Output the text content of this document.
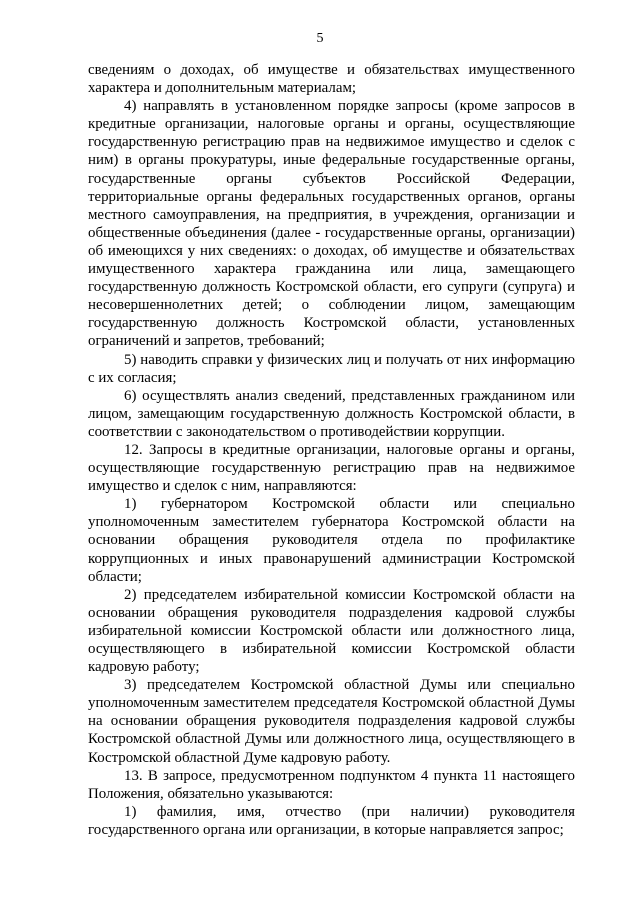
5

сведениям о доходах, об имуществе и обязательствах имущественного характера и дополнительным материалам;

4) направлять в установленном порядке запросы (кроме запросов в кредитные организации, налоговые органы и органы, осуществляющие государственную регистрацию прав на недвижимое имущество и сделок с ним) в органы прокуратуры, иные федеральные государственные органы, государственные органы субъектов Российской Федерации, территориальные органы федеральных государственных органов, органы местного самоуправления, на предприятия, в учреждения, организации и общественные объединения (далее - государственные органы, организации) об имеющихся у них сведениях: о доходах, об имуществе и обязательствах имущественного характера гражданина или лица, замещающего государственную должность Костромской области, его супруги (супруга) и несовершеннолетних детей; о соблюдении лицом, замещающим государственную должность Костромской области, установленных ограничений и запретов, требований;

5) наводить справки у физических лиц и получать от них информацию с их согласия;

6) осуществлять анализ сведений, представленных гражданином или лицом, замещающим государственную должность Костромской области, в соответствии с законодательством о противодействии коррупции.

12. Запросы в кредитные организации, налоговые органы и органы, осуществляющие государственную регистрацию прав на недвижимое имущество и сделок с ним, направляются:

1) губернатором Костромской области или специально уполномоченным заместителем губернатора Костромской области на основании обращения руководителя отдела по профилактике коррупционных и иных правонарушений администрации Костромской области;

2) председателем избирательной комиссии Костромской области на основании обращения руководителя подразделения кадровой службы избирательной комиссии Костромской области или должностного лица, осуществляющего в избирательной комиссии Костромской области кадровую работу;

3) председателем Костромской областной Думы или специально уполномоченным заместителем председателя Костромской областной Думы на основании обращения руководителя подразделения кадровой службы Костромской областной Думы или должностного лица, осуществляющего в Костромской областной Думе кадровую работу.

13. В запросе, предусмотренном подпунктом 4 пункта 11 настоящего Положения, обязательно указываются:

1) фамилия, имя, отчество (при наличии) руководителя государственного органа или организации, в которые направляется запрос;
